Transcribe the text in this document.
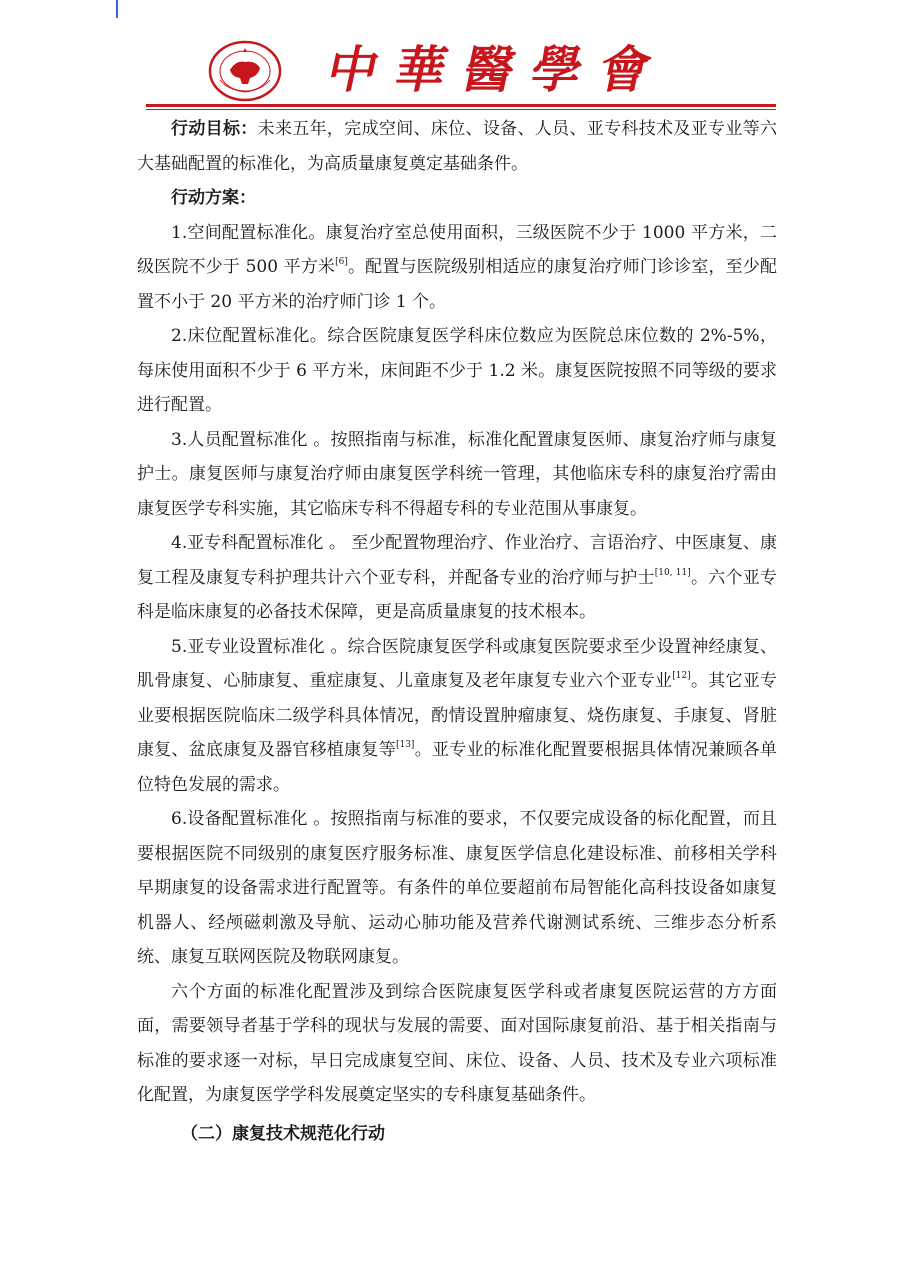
中 華 醫 學 會

行动目标：未来五年，完成空间、床位、设备、人员、亚专科技术及亚专业等六大基础配置的标准化，为高质量康复奠定基础条件。

行动方案：

1.空间配置标准化。康复治疗室总使用面积，三级医院不少于 1000 平方米，二级医院不少于 500 平方米[6]。配置与医院级别相适应的康复治疗师门诊诊室，至少配置不小于 20 平方米的治疗师门诊 1 个。

2.床位配置标准化。综合医院康复医学科床位数应为医院总床位数的 2%-5%，每床使用面积不少于 6 平方米，床间距不少于 1.2 米。康复医院按照不同等级的要求进行配置。

3.人员配置标准化 。按照指南与标准，标准化配置康复医师、康复治疗师与康复护士。康复医师与康复治疗师由康复医学科统一管理，其他临床专科的康复治疗需由康复医学专科实施，其它临床专科不得超专科的专业范围从事康复。

4.亚专科配置标准化 。 至少配置物理治疗、作业治疗、言语治疗、中医康复、康复工程及康复专科护理共计六个亚专科，并配备专业的治疗师与护士[10, 11]。六个亚专科是临床康复的必备技术保障，更是高质量康复的技术根本。

5.亚专业设置标准化 。综合医院康复医学科或康复医院要求至少设置神经康复、肌骨康复、心肺康复、重症康复、儿童康复及老年康复专业六个亚专业[12]。其它亚专业要根据医院临床二级学科具体情况，酌情设置肿瘤康复、烧伤康复、手康复、肾脏康复、盆底康复及器官移植康复等[13]。亚专业的标准化配置要根据具体情况兼顾各单位特色发展的需求。

6.设备配置标准化 。按照指南与标准的要求，不仅要完成设备的标化配置，而且要根据医院不同级别的康复医疗服务标准、康复医学信息化建设标准、前移相关学科早期康复的设备需求进行配置等。有条件的单位要超前布局智能化高科技设备如康复机器人、经颅磁刺激及导航、运动心肺功能及营养代谢测试系统、三维步态分析系统、康复互联网医院及物联网康复。

六个方面的标准化配置涉及到综合医院康复医学科或者康复医院运营的方方面面，需要领导者基于学科的现状与发展的需要、面对国际康复前沿、基于相关指南与标准的要求逐一对标，早日完成康复空间、床位、设备、人员、技术及专业六项标准化配置，为康复医学学科发展奠定坚实的专科康复基础条件。

（二）康复技术规范化行动
